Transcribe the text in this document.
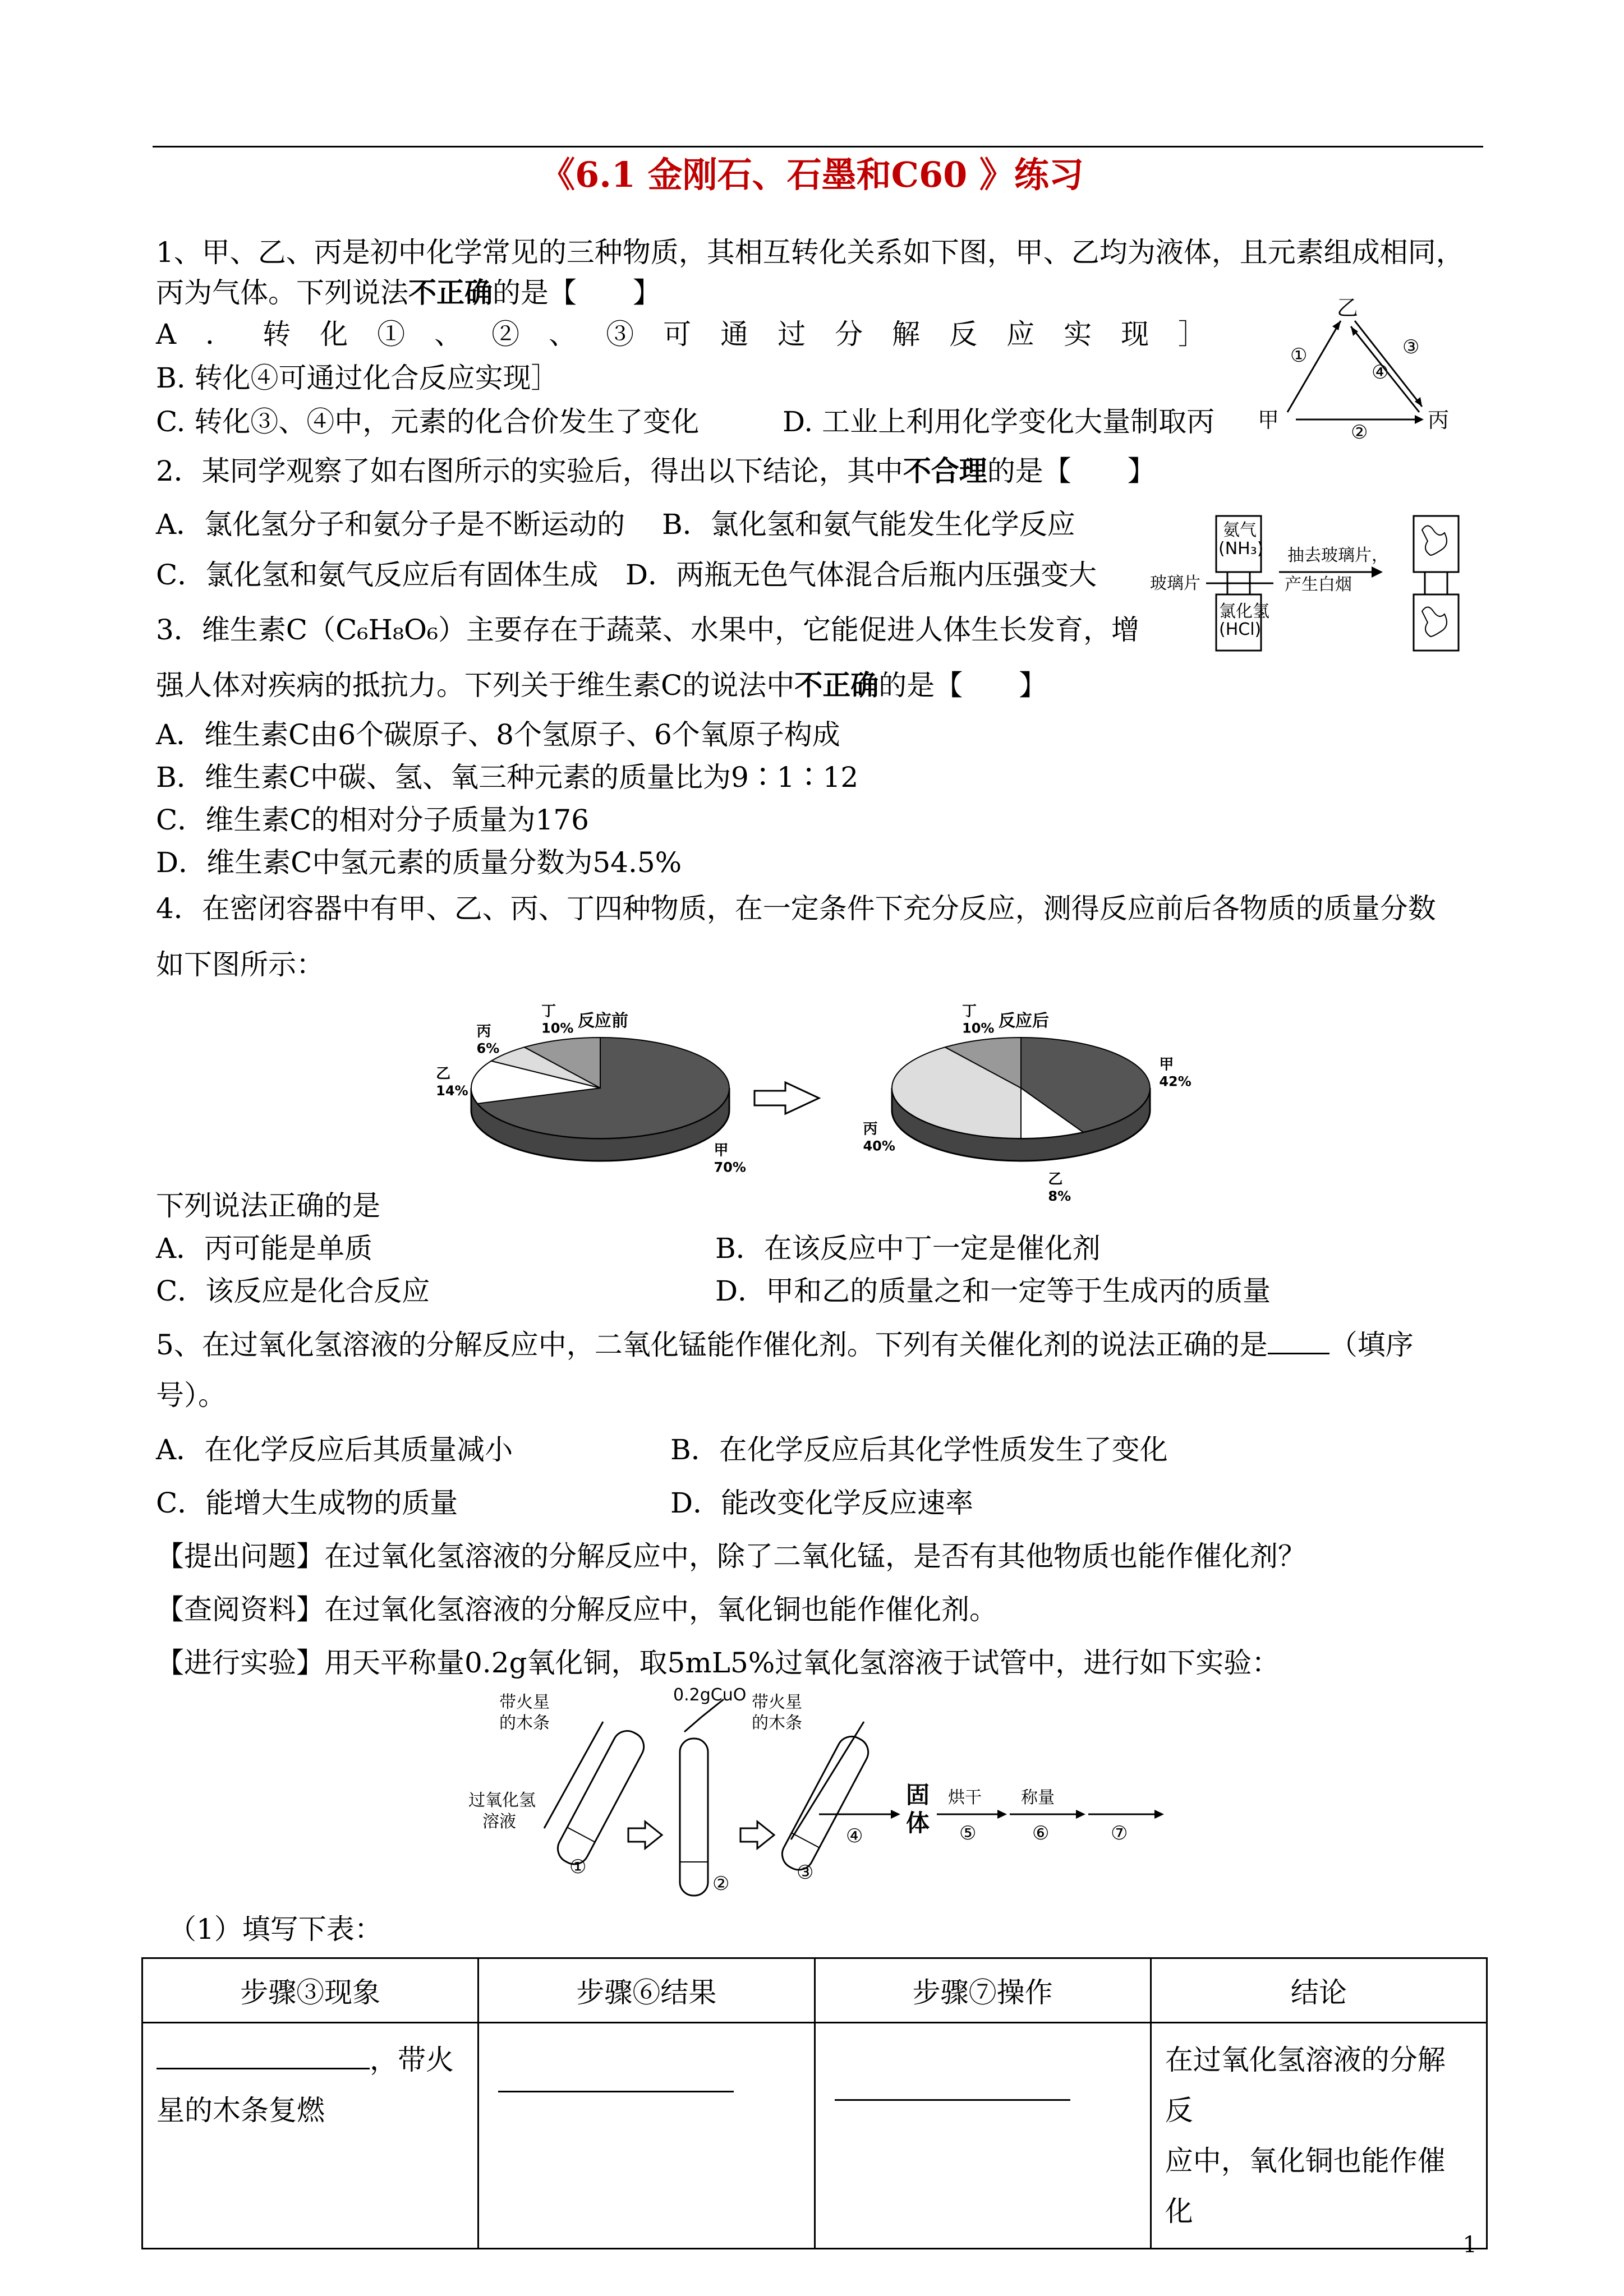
《6.1 金刚石、石墨和C60 》练习
1、甲、乙、丙是初中化学常见的三种物质，其相互转化关系如下图，甲、乙均为液体，且元素组成相同，
丙为气体。下列说法不正确的是【　　】
A．转化①、②、③可通过分解反应实现］
B. 转化④可通过化合反应实现］
C. 转化③、④中，元素的化合价发生了变化	D. 工业上利用化学变化大量制取丙
乙
甲	丙
①
②
③
④
2．某同学观察了如右图所示的实验后，得出以下结论，其中不合理的是【　　】
A．氯化氢分子和氨分子是不断运动的 B．氯化氢和氨气能发生化学反应
C．氯化氢和氨气反应后有固体生成 D．两瓶无色气体混合后瓶内压强变大
氨气
(NH₃)
玻璃片
氯化氢
(HCl)
抽去玻璃片，
产生白烟
3．维生素C（C₆H₈O₆）主要存在于蔬菜、水果中，它能促进人体生长发育，增
强人体对疾病的抵抗力。下列关于维生素C的说法中不正确的是【　　】
A．维生素C由6个碳原子、8个氢原子、6个氧原子构成
B．维生素C中碳、氢、氧三种元素的质量比为9∶1∶12
C．维生素C的相对分子质量为176
D．维生素C中氢元素的质量分数为54.5%
4．在密闭容器中有甲、乙、丙、丁四种物质，在一定条件下充分反应，测得反应前后各物质的质量分数
如下图所示：
反应前
甲
70%
乙
14%
丙
6%
丁
10%	反应后
甲
42%
乙
8%
丙
40%
丁
10%
下列说法正确的是
A．丙可能是单质	B．在该反应中丁一定是催化剂
C．该反应是化合反应	D．甲和乙的质量之和一定等于生成丙的质量
5、在过氧化氢溶液的分解反应中，二氧化锰能作催化剂。下列有关催化剂的说法正确的是 （填序
号）。
A．在化学反应后其质量减小	B．在化学反应后其化学性质发生了变化
C．能增大生成物的质量	D．能改变化学反应速率
【提出问题】在过氧化氢溶液的分解反应中，除了二氧化锰，是否有其他物质也能作催化剂？
【查阅资料】在过氧化氢溶液的分解反应中，氧化铜也能作催化剂。
【进行实验】用天平称量0.2g氧化铜，取5mL5%过氧化氢溶液于试管中，进行如下实验：
带火星
的木条
过氧化氢
溶液
①
0.2gCuO
②
带火星
的木条
③
④
固
体
烘干
⑤
称量
⑥	⑦
（1）填写下表：
步骤③现象	步骤⑥结果	步骤⑦操作	结论
，带火
星的木条复燃			在过氧化氢溶液的分解反
应中，氧化铜也能作催化
1
